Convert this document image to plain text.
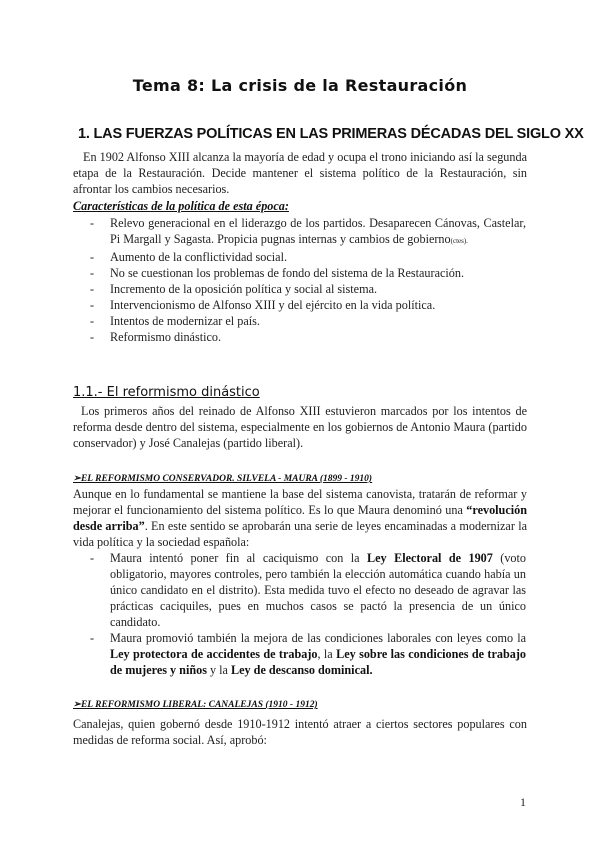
Tema 8: La crisis de la Restauración
1. LAS FUERZAS POLÍTICAS EN LAS PRIMERAS DÉCADAS DEL SIGLO XX
En 1902 Alfonso XIII alcanza la mayoría de edad y ocupa el trono iniciando así la segunda etapa de la Restauración. Decide mantener el sistema político de la Restauración, sin afrontar los cambios necesarios.
Características de la política de esta época:
- Relevo generacional en el liderazgo de los partidos. Desaparecen Cánovas, Castelar, Pi Margall y Sagasta. Propicia pugnas internas y cambios de gobierno(ctes).
- Aumento de la conflictividad social.
- No se cuestionan los problemas de fondo del sistema de la Restauración.
- Incremento de la oposición política y social al sistema.
- Intervencionismo de Alfonso XIII y del ejército en la vida política.
- Intentos de modernizar el país.
- Reformismo dinástico.
1.1.- El reformismo dinástico
Los primeros años del reinado de Alfonso XIII estuvieron marcados por los intentos de reforma desde dentro del sistema, especialmente en los gobiernos de Antonio Maura (partido conservador) y José Canalejas (partido liberal).
➢EL REFORMISMO CONSERVADOR. SILVELA - MAURA (1899 - 1910)
Aunque en lo fundamental se mantiene la base del sistema canovista, tratarán de reformar y mejorar el funcionamiento del sistema político. Es lo que Maura denominó una “revolución desde arriba”. En este sentido se aprobarán una serie de leyes encaminadas a modernizar la vida política y la sociedad española:
- Maura intentó poner fin al caciquismo con la Ley Electoral de 1907 (voto obligatorio, mayores controles, pero también la elección automática cuando había un único candidato en el distrito). Esta medida tuvo el efecto no deseado de agravar las prácticas caciquiles, pues en muchos casos se pactó la presencia de un único candidato.
- Maura promovió también la mejora de las condiciones laborales con leyes como la Ley protectora de accidentes de trabajo, la Ley sobre las condiciones de trabajo de mujeres y niños y la Ley de descanso dominical.
➢EL REFORMISMO LIBERAL: CANALEJAS (1910 - 1912)
Canalejas, quien gobernó desde 1910-1912 intentó atraer a ciertos sectores populares con medidas de reforma social. Así, aprobó:
1
